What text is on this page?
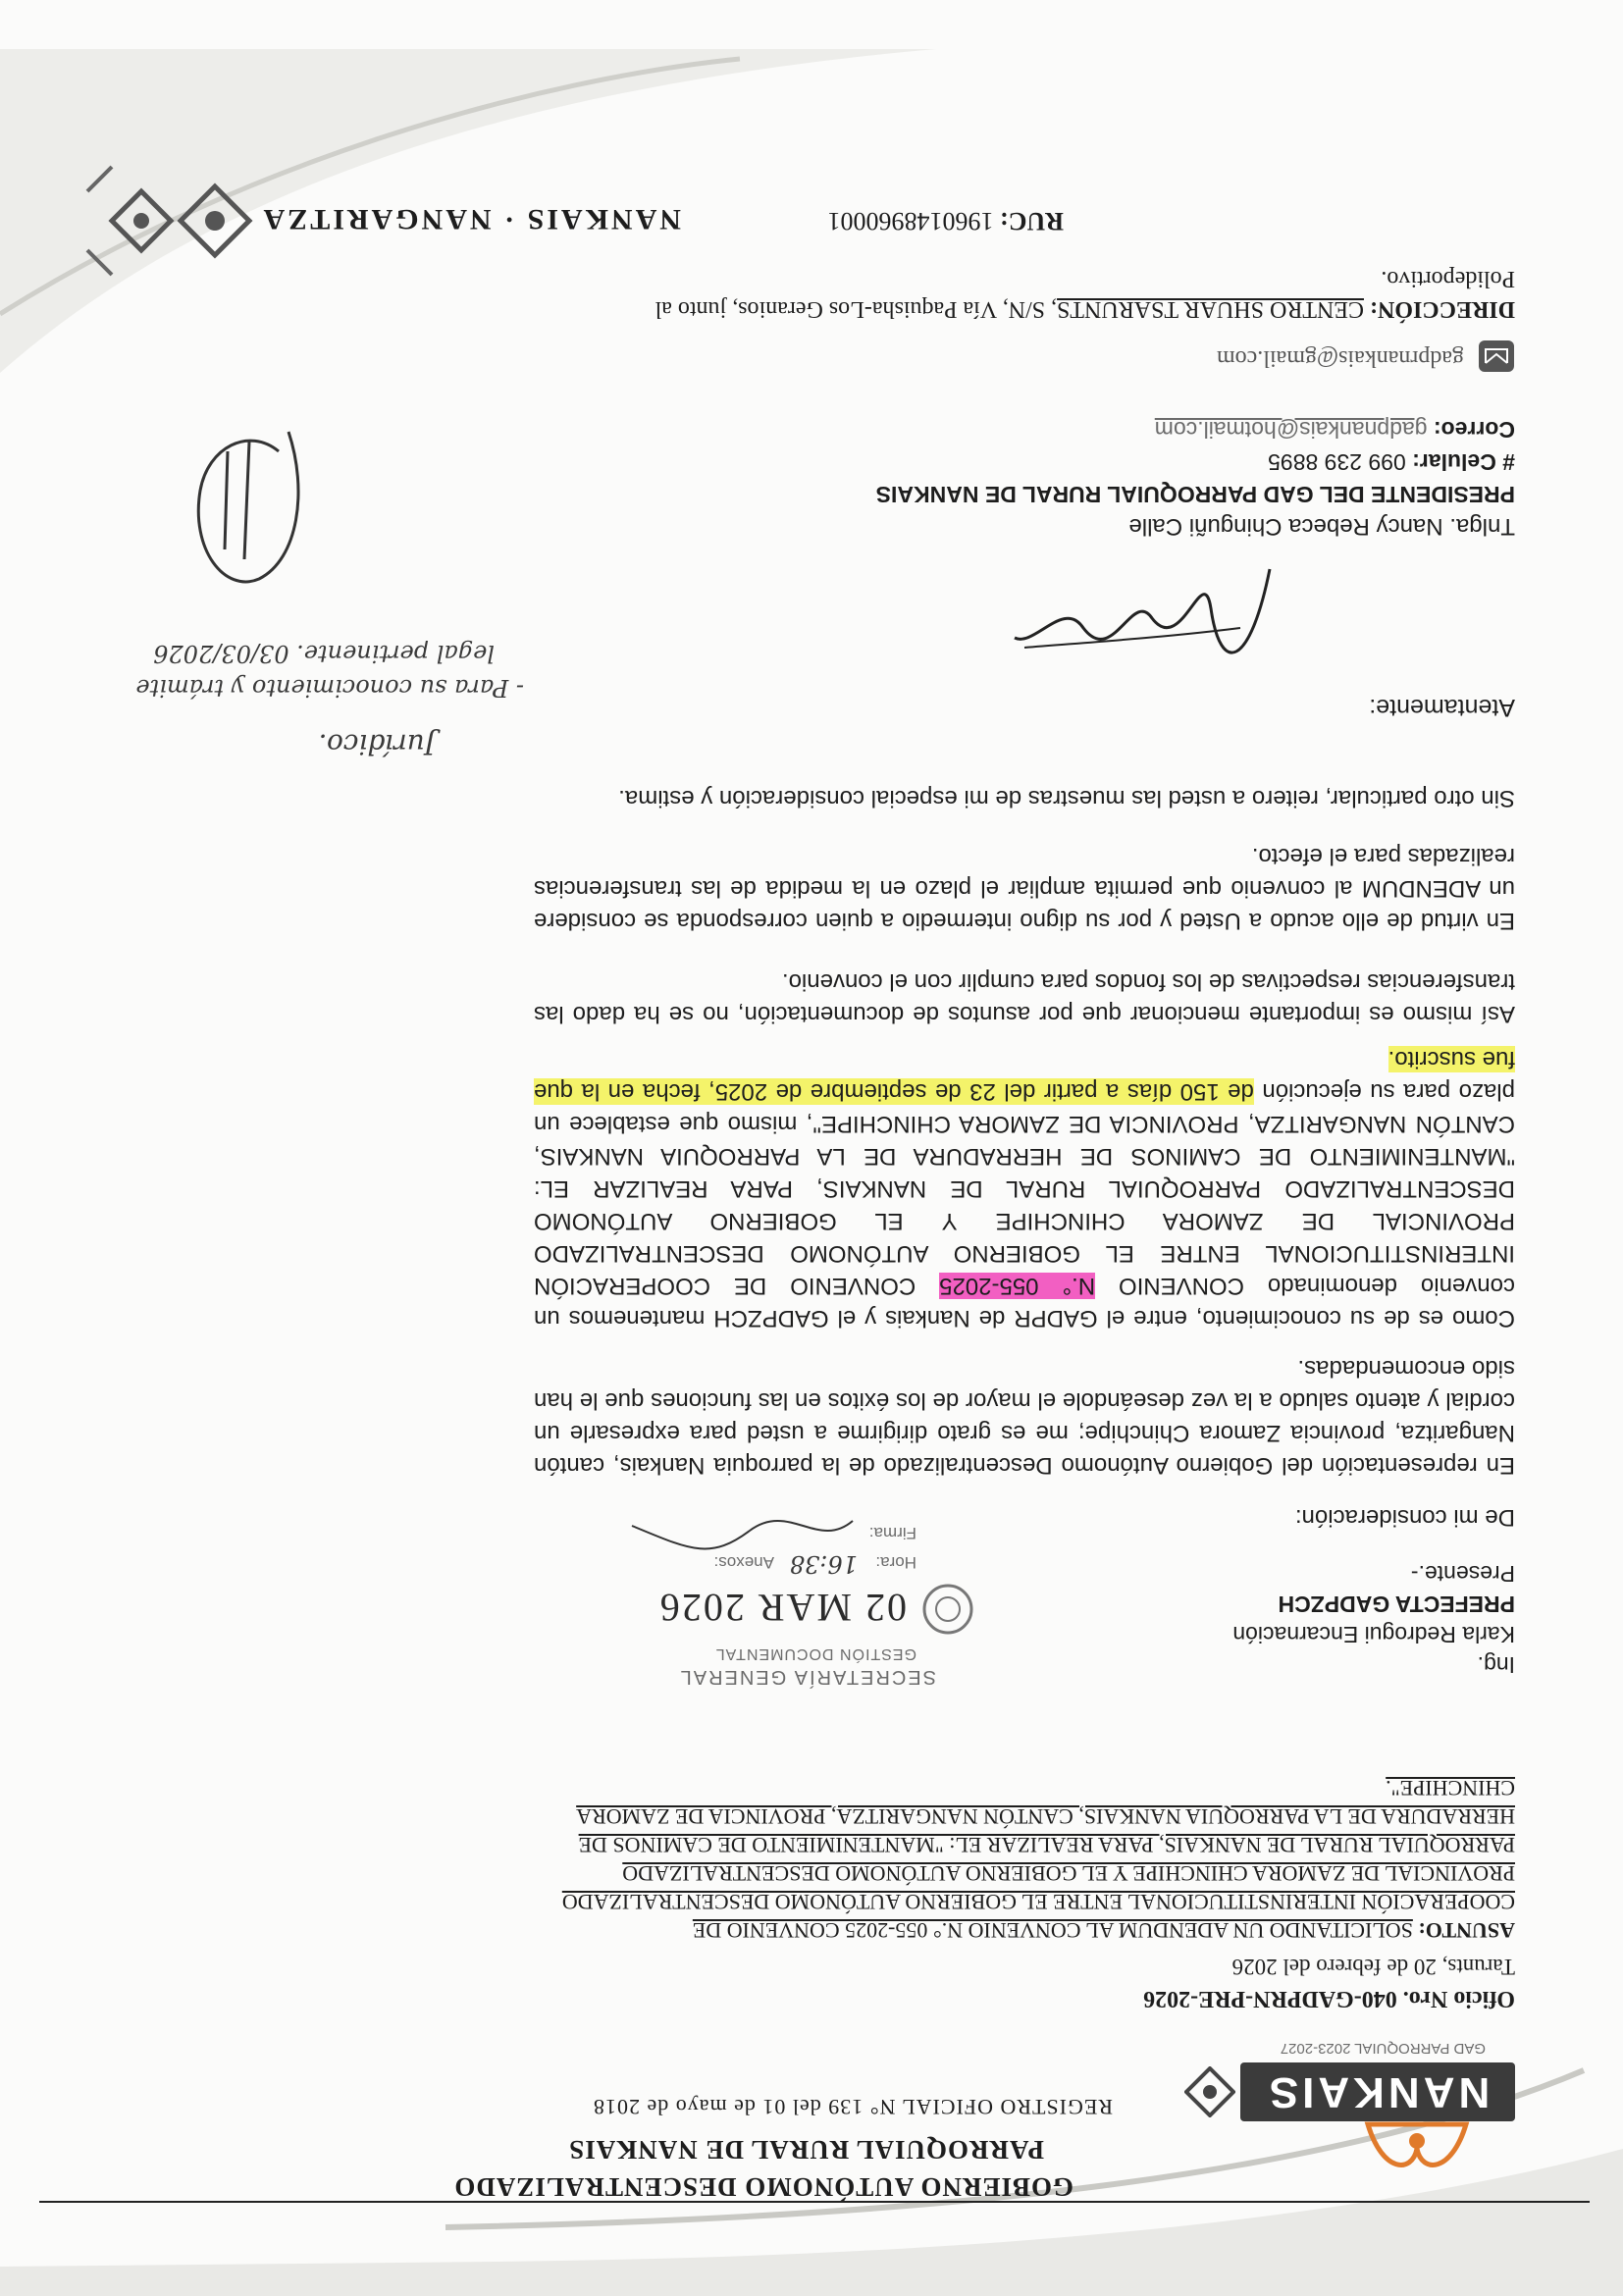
NANKAIS
GAD PARROQUIAL 2023-2027
GOBIERNO AUTÓNOMO DESCENTRALIZADO
PARROQUIAL RURAL DE NANKAIS
REGISTRO OFICIAL N° 139 del 01 de mayo de 2018
Oficio Nro. 040-GADPRN-PRE-2026
Tarunts, 20 de febrero del 2026
ASUNTO: SOLICITANDO UN ADENDUM AL CONVENIO N.° 055-2025 CONVENIO DE
COOPERACIÓN INTERINSTITUCIONAL ENTRE EL GOBIERNO AUTÓNOMO DESCENTRALIZADO
PROVINCIAL DE ZAMORA CHINCHIPE Y EL GOBIERNO AUTÓNOMO DESCENTRALIZADO
PARROQUIAL RURAL DE NANKAIS, PARA REALIZAR EL: "MANTENIMIENTO DE CAMINOS DE
HERRADURA DE LA PARROQUIA NANKAIS, CANTÓN NANGARITZA, PROVINCIA DE ZAMORA
CHINCHIPE".
Ing.
Karla Redrogui Encarnación
PREFECTA GADPZCH
Presente.-
SECRETARÍA GENERAL
GESTIÓN DOCUMENTAL
02 MAR 2026
Hora:
16:38
Anexos:
Firma:
De mi consideración:
En representación del Gobierno Autónomo Descentralizado de la parroquia Nankais, cantón Nangaritza, provincia Zamora Chinchipe; me es grato dirigirme a usted para expresarle un cordial y atento saludo a la vez deseándole el mayor de los éxitos en las funciones que le han sido encomendadas.
Como es de su conocimiento, entre el GADPR de Nankais y el GADPZCH mantenemos un convenio denominado CONVENIO N.° 055-2025 CONVENIO DE COOPERACIÓN INTERINSTITUCIONAL ENTRE EL GOBIERNO AUTÓNOMO DESCENTRALIZADO PROVINCIAL DE ZAMORA CHINCHIPE Y EL GOBIERNO AUTÓNOMO DESCENTRALIZADO PARROQUIAL RURAL DE NANKAIS, PARA REALIZAR EL: "MANTENIMIENTO DE CAMINOS DE HERRADURA DE LA PARROQUIA NANKAIS, CANTÓN NANGARITZA, PROVINCIA DE ZAMORA CHINCHIPE", mismo que establece un plazo para su ejecución de 150 días a partir del 23 de septiembre de 2025, fecha en la que fue suscrito.
Así mismo es importante mencionar que por asuntos de documentación, no se ha dado las transferencias respectivas de los fondos para cumplir con el convenio.
En virtud de ello acudo a Usted y por su digno intermedio a quien corresponda se considere un ADENDUM al convenio que permita ampliar el plazo en la medida de las transferencias realizadas para el efecto.
Sin otro particular, reitero a usted las muestras de mi especial consideración y estima.
Jurídico.
- Para su conocimiento y trámite
legal pertinente. 03/03/2026
Atentamente:
Tnlga. Nancy Rebeca Chinguñi Calle
PRESIDENTE DEL GAD PARROQUIAL RURAL DE NANKAIS
# Celular: 099 239 8895
Correo: gadpnankais@hotmail.com
gadprnankais@gmail.com
DIRECCIÓN: CENTRO SHUAR TSARUNTS, S/N, Vía Paquisha-Los Geranios, junto al
Polideportivo.
RUC: 1960148960001
NANKAIS · NANGARITZA
